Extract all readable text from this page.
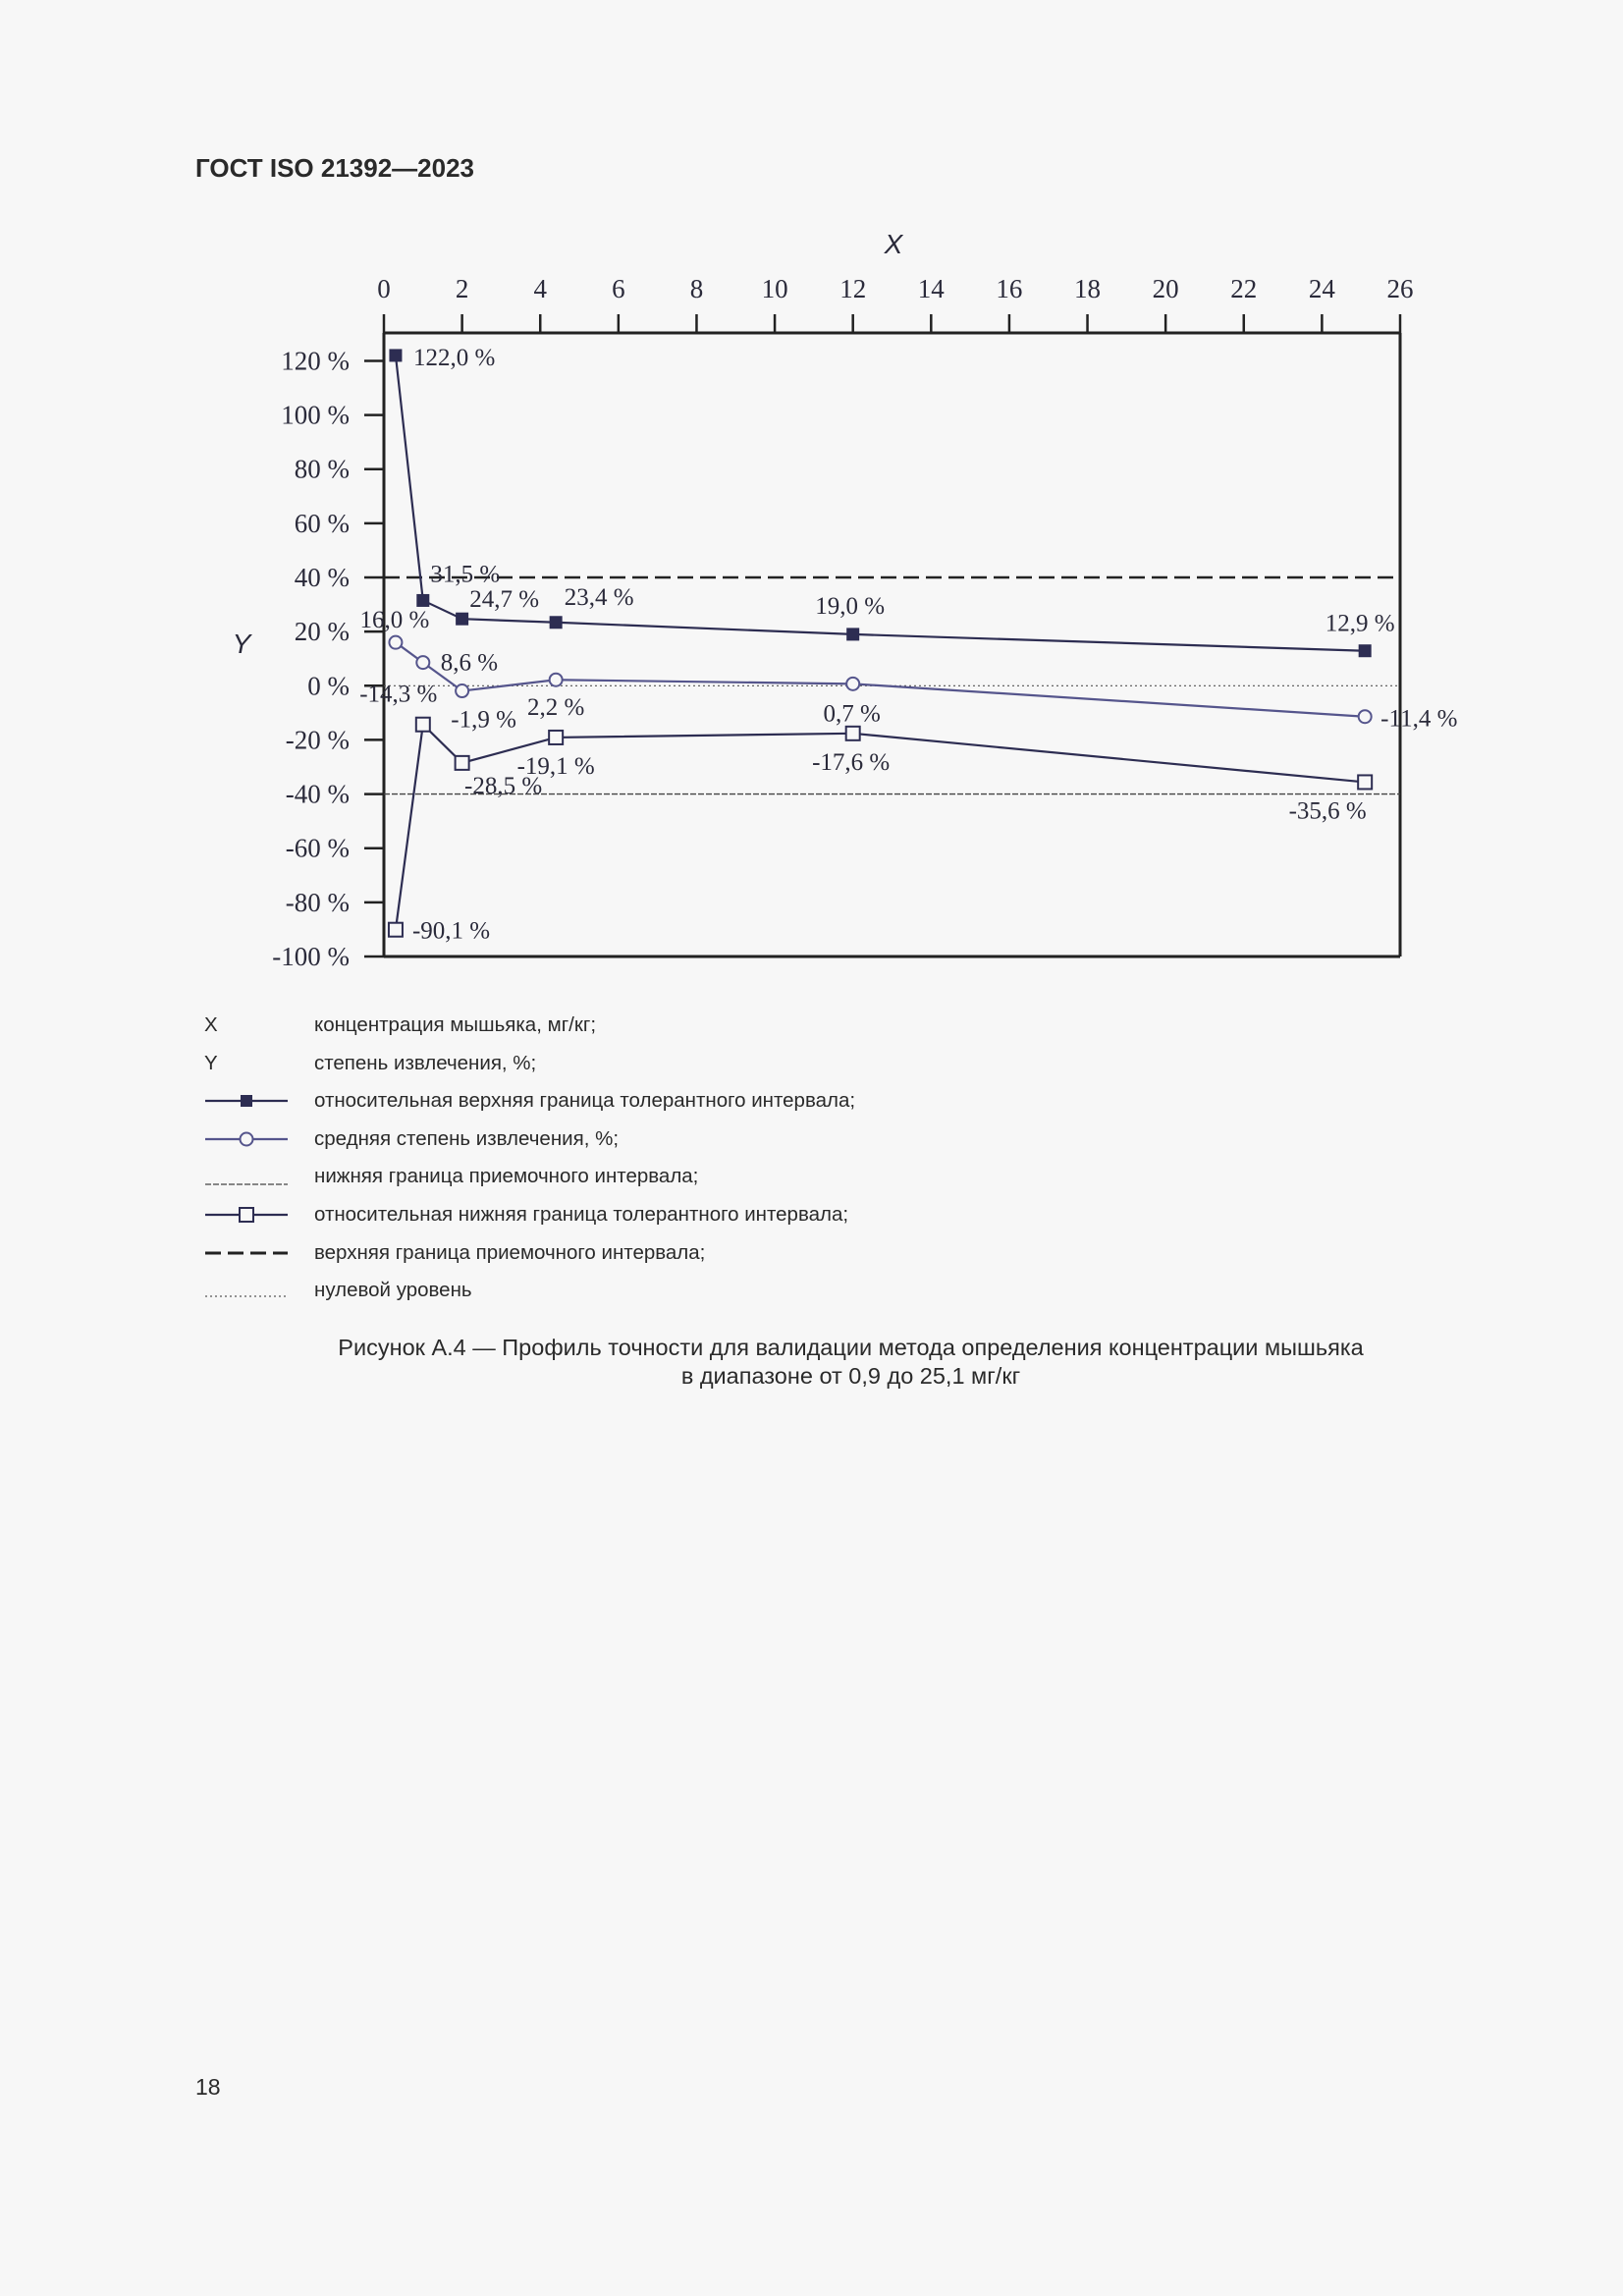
ГОСТ ISO 21392—2023
0 2 4 6 8 10 12 14 16 18 20 22 24 26
X
120 %
100 %
80 %
60 %
40 %
20 %
0 %
-20 %
-40 %
-60 %
-80 %
-100 %
Y
122,0 %
31,5 %
24,7 % 23,4 %	19,0 %
12,9 %
16,0 %
8,6 %
-1,9 % 2,2 %	0,7 %	-11,4 %
-90,1 %
-14,3 %
-28,5 %
-19,1 %	-17,6 %
-35,6 %
X	концентрация мышьяка, мг/кг;
Y	степень извлечения, %;
относительная верхняя граница толерантного интервала;
средняя степень извлечения, %;
нижняя граница приемочного интервала;
относительная нижняя граница толерантного интервала;
верхняя граница приемочного интервала;
нулевой уровень
Рисунок А.4 — Профиль точности для валидации метода определения концентрации мышьяка
в диапазоне от 0,9 до 25,1 мг/кг
18
